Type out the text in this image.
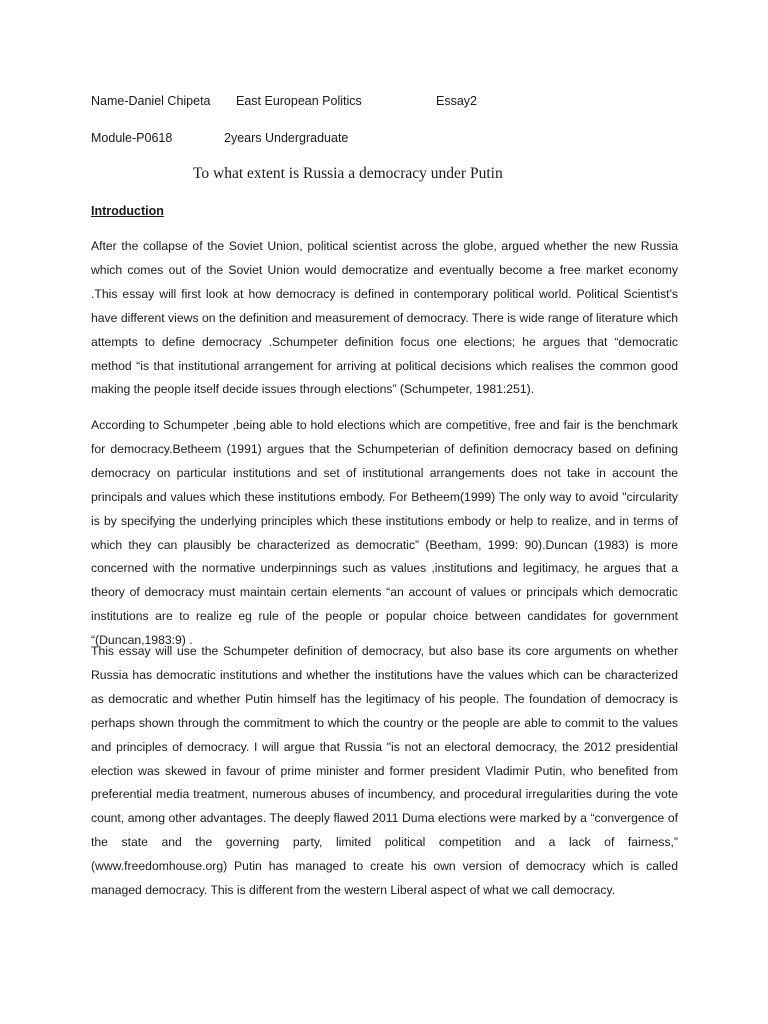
Name-Daniel Chipeta East European Politics	Essay2
Module-P0618	2years Undergraduate
To what extent is Russia a democracy under Putin
Introduction

After the collapse of the Soviet Union, political scientist across the globe, argued whether the new Russia which comes out of the Soviet Union would democratize and eventually become a free market economy .This essay will first look at how democracy is defined in contemporary political world. Political Scientist's have different views on the definition and measurement of democracy. There is wide range of literature which attempts to define democracy .Schumpeter definition focus one elections; he argues that “democratic method “is that institutional arrangement for arriving at political decisions which realises the common good making the people itself decide issues through elections” (Schumpeter, 1981:251).

According to Schumpeter ,being able to hold elections which are competitive, free and fair is the benchmark for democracy.Betheem (1991) argues that the Schumpeterian of definition democracy based on defining democracy on particular institutions and set of institutional arrangements does not take in account the principals and values which these institutions embody. For Betheem(1999) The only way to avoid "circularity is by specifying the underlying principles which these institutions embody or help to realize, and in terms of which they can plausibly be characterized as democratic” (Beetham, 1999: 90).Duncan (1983) is more concerned with the normative underpinnings such as values ,institutions and legitimacy, he argues that a theory of democracy must maintain certain elements “an account of values or principals which democratic institutions are to realize eg rule of the people or popular choice between candidates for government “(Duncan,1983:9) .

This essay will use the Schumpeter definition of democracy, but also base its core arguments on whether Russia has democratic institutions and whether the institutions have the values which can be characterized as democratic and whether Putin himself has the legitimacy of his people. The foundation of democracy is perhaps shown through the commitment to which the country or the people are able to commit to the values and principles of democracy. I will argue that Russia "is not an electoral democracy, the 2012 presidential election was skewed in favour of prime minister and former president Vladimir Putin, who benefited from preferential media treatment, numerous abuses of incumbency, and procedural irregularities during the vote count, among other advantages. The deeply flawed 2011 Duma elections were marked by a “convergence of the state and the governing party, limited political competition and a lack of fairness,” (www.freedomhouse.org) Putin has managed to create his own version of democracy which is called managed democracy. This is different from the western Liberal aspect of what we call democracy.
